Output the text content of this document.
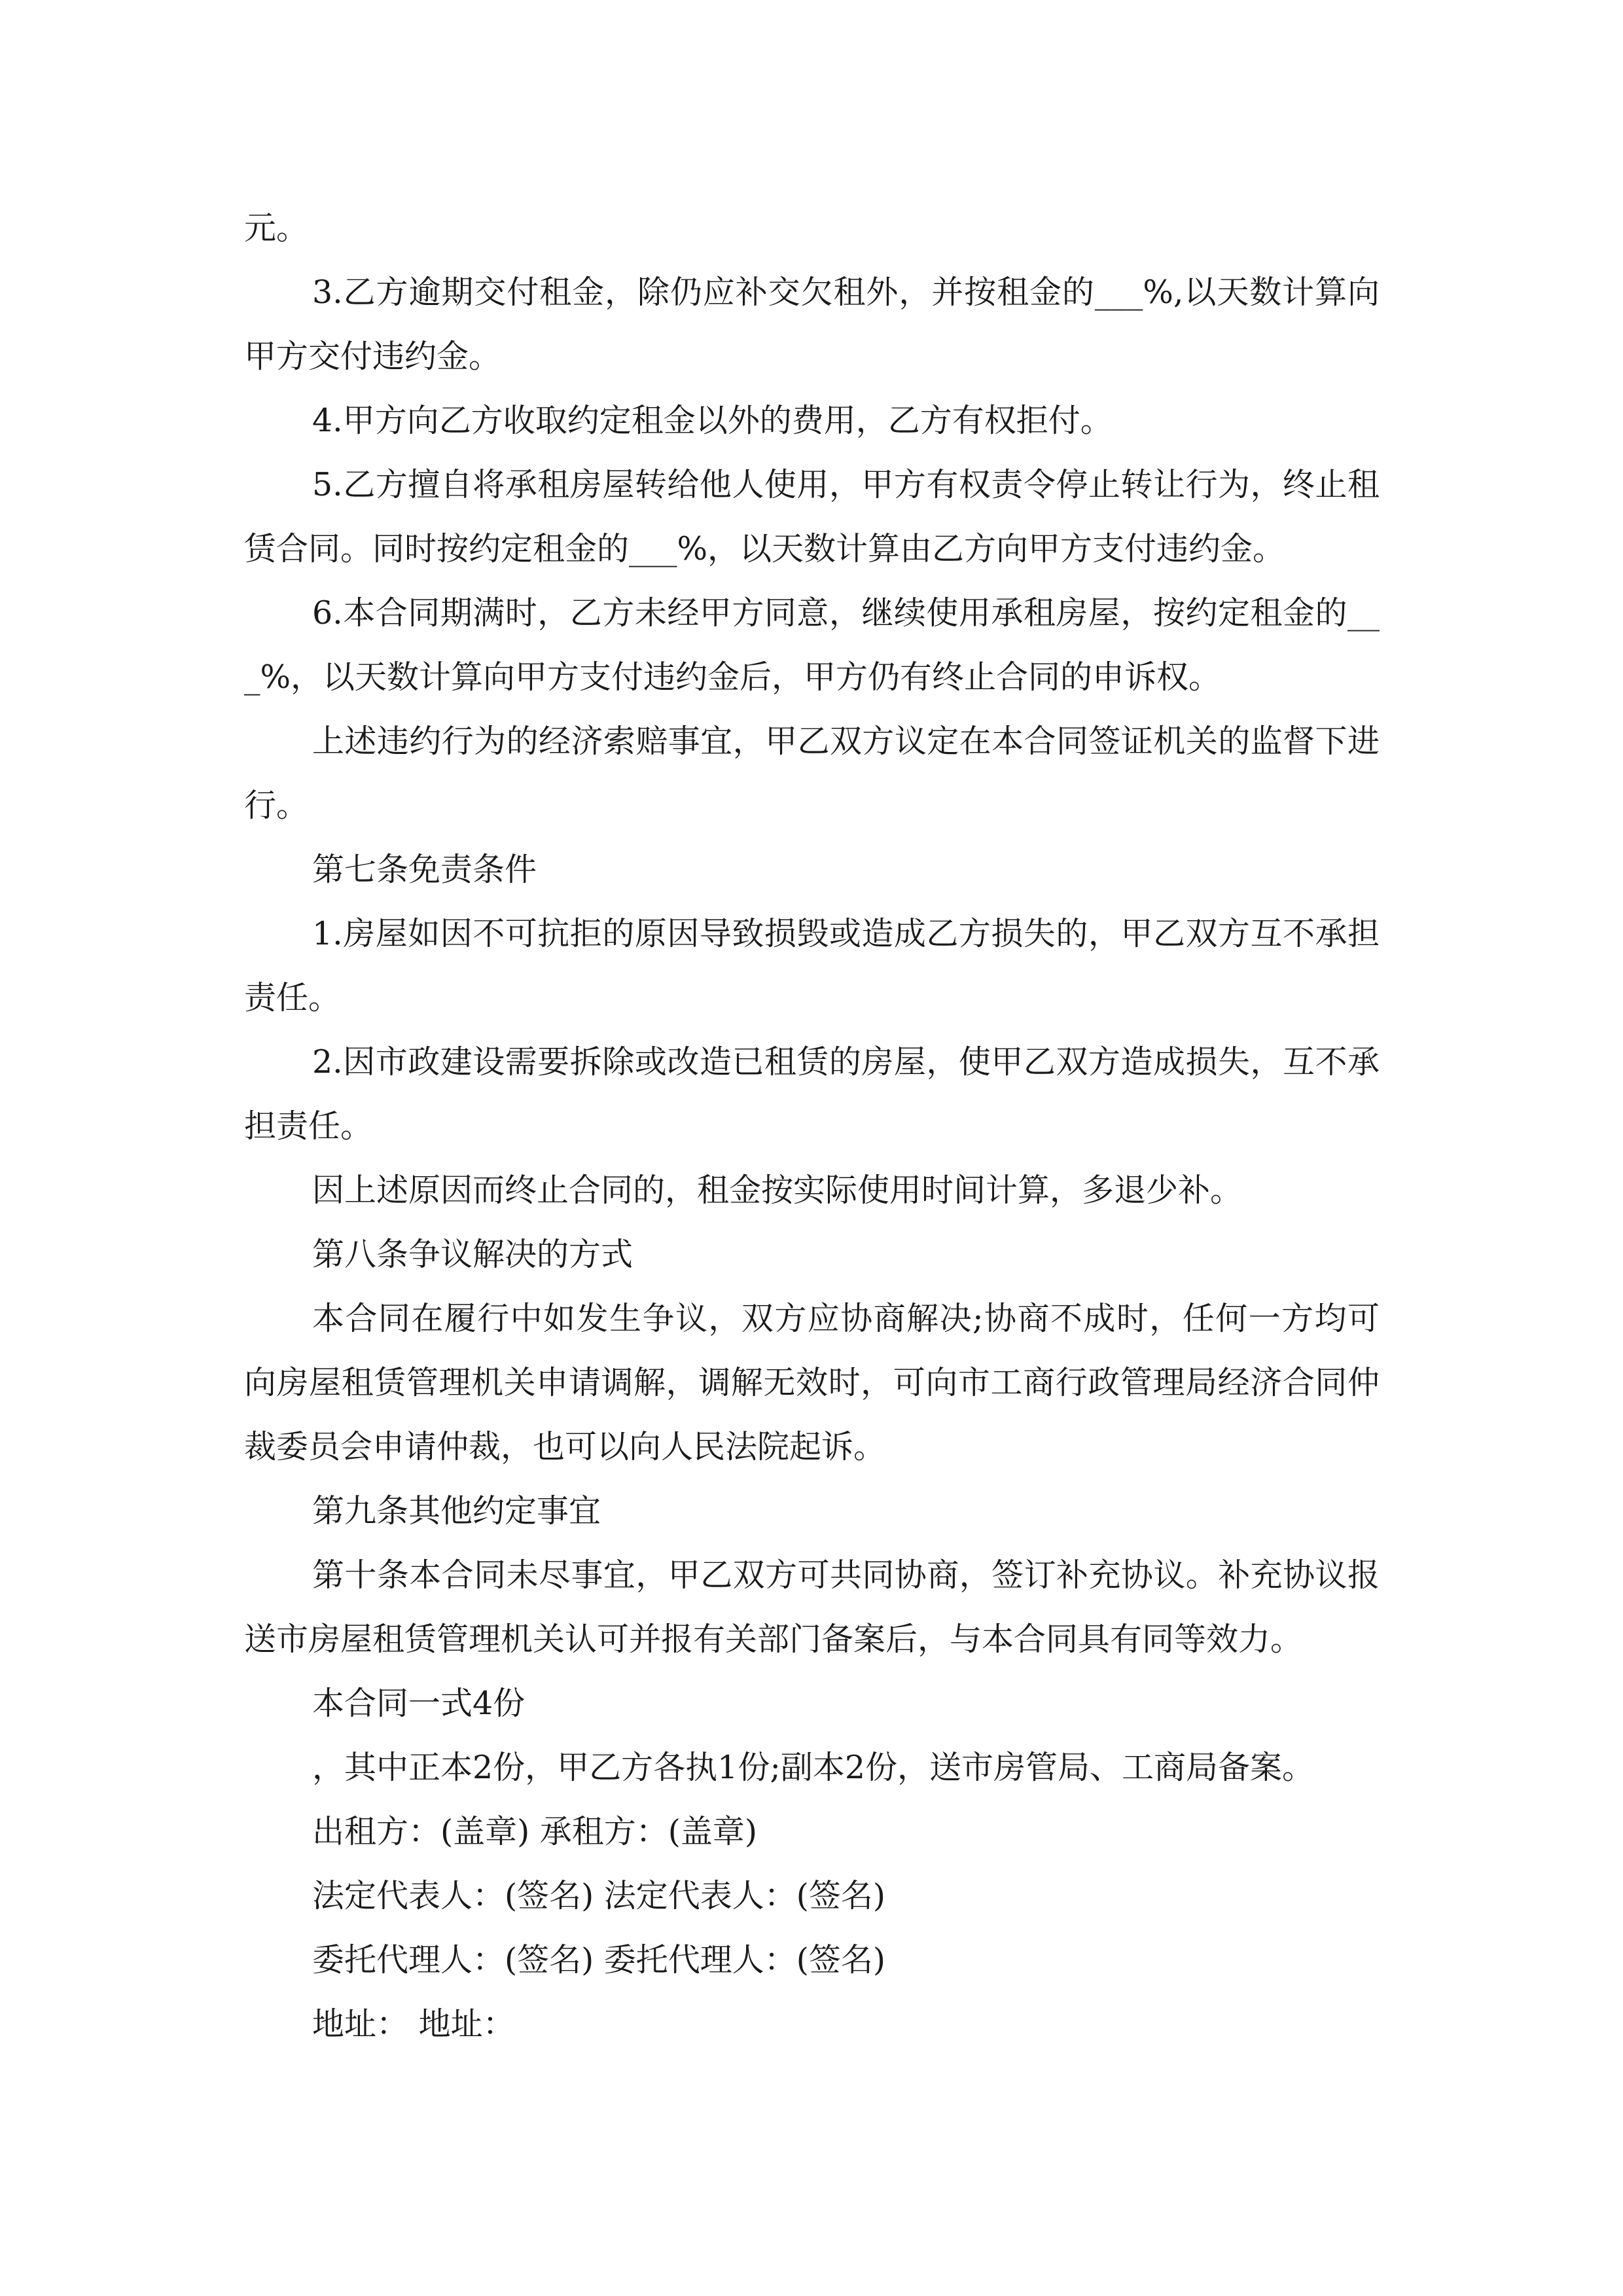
元。

3.乙方逾期交付租金，除仍应补交欠租外，并按租金的___%,以天数计算向甲方交付违约金。

4.甲方向乙方收取约定租金以外的费用，乙方有权拒付。

5.乙方擅自将承租房屋转给他人使用，甲方有权责令停止转让行为，终止租赁合同。同时按约定租金的___%，以天数计算由乙方向甲方支付违约金。

6.本合同期满时，乙方未经甲方同意，继续使用承租房屋，按约定租金的___%，以天数计算向甲方支付违约金后，甲方仍有终止合同的申诉权。

上述违约行为的经济索赔事宜，甲乙双方议定在本合同签证机关的监督下进行。

第七条免责条件

1.房屋如因不可抗拒的原因导致损毁或造成乙方损失的，甲乙双方互不承担责任。

2.因市政建设需要拆除或改造已租赁的房屋，使甲乙双方造成损失，互不承担责任。

因上述原因而终止合同的，租金按实际使用时间计算，多退少补。

第八条争议解决的方式

本合同在履行中如发生争议，双方应协商解决;协商不成时，任何一方均可向房屋租赁管理机关申请调解，调解无效时，可向市工商行政管理局经济合同仲裁委员会申请仲裁，也可以向人民法院起诉。

第九条其他约定事宜

第十条本合同未尽事宜，甲乙双方可共同协商，签订补充协议。补充协议报送市房屋租赁管理机关认可并报有关部门备案后，与本合同具有同等效力。

本合同一式4份

，其中正本2份，甲乙方各执1份;副本2份，送市房管局、工商局备案。

出租方：(盖章) 承租方：(盖章)

法定代表人：(签名) 法定代表人：(签名)

委托代理人：(签名) 委托代理人：(签名)

地址： 地址：
